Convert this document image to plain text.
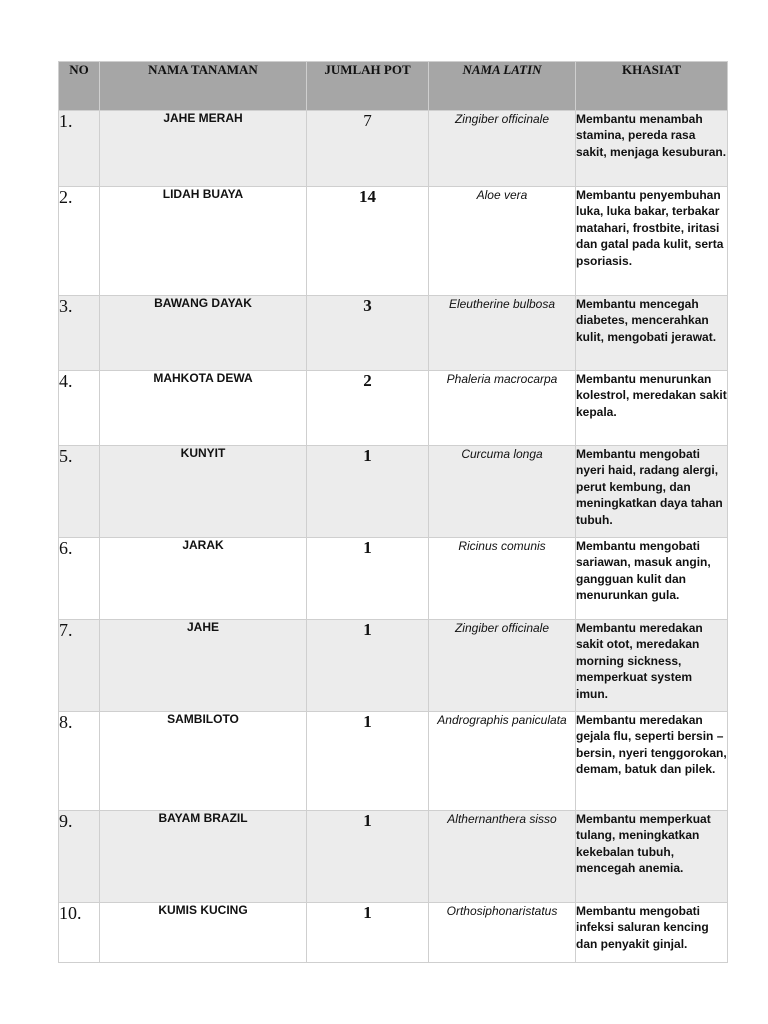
NO	NAMA TANAMAN	JUMLAH POT	NAMA LATIN	KHASIAT
1.	JAHE MERAH	7	Zingiber officinale	Membantu menambah stamina, pereda rasa sakit, menjaga kesuburan.
2.	LIDAH BUAYA	14	Aloe vera	Membantu penyembuhan luka, luka bakar, terbakar matahari, frostbite, iritasi dan gatal pada kulit, serta psoriasis.
3.	BAWANG DAYAK	3	Eleutherine bulbosa	Membantu mencegah diabetes, mencerahkan kulit, mengobati jerawat.
4.	MAHKOTA DEWA	2	Phaleria macrocarpa	Membantu menurunkan kolestrol, meredakan sakit kepala.
5.	KUNYIT	1	Curcuma longa	Membantu mengobati nyeri haid, radang alergi, perut kembung, dan meningkatkan daya tahan tubuh.
6.	JARAK	1	Ricinus comunis	Membantu mengobati sariawan, masuk angin, gangguan kulit dan menurunkan gula.
7.	JAHE	1	Zingiber officinale	Membantu meredakan sakit otot, meredakan morning sickness, memperkuat system imun.
8.	SAMBILOTO	1	Andrographis paniculata	Membantu meredakan gejala flu, seperti bersin – bersin, nyeri tenggorokan, demam, batuk dan pilek.
9.	BAYAM BRAZIL	1	Althernanthera sisso	Membantu memperkuat tulang, meningkatkan kekebalan tubuh, mencegah anemia.
10.	KUMIS KUCING	1	Orthosiphonaristatus	Membantu mengobati infeksi saluran kencing dan penyakit ginjal.
